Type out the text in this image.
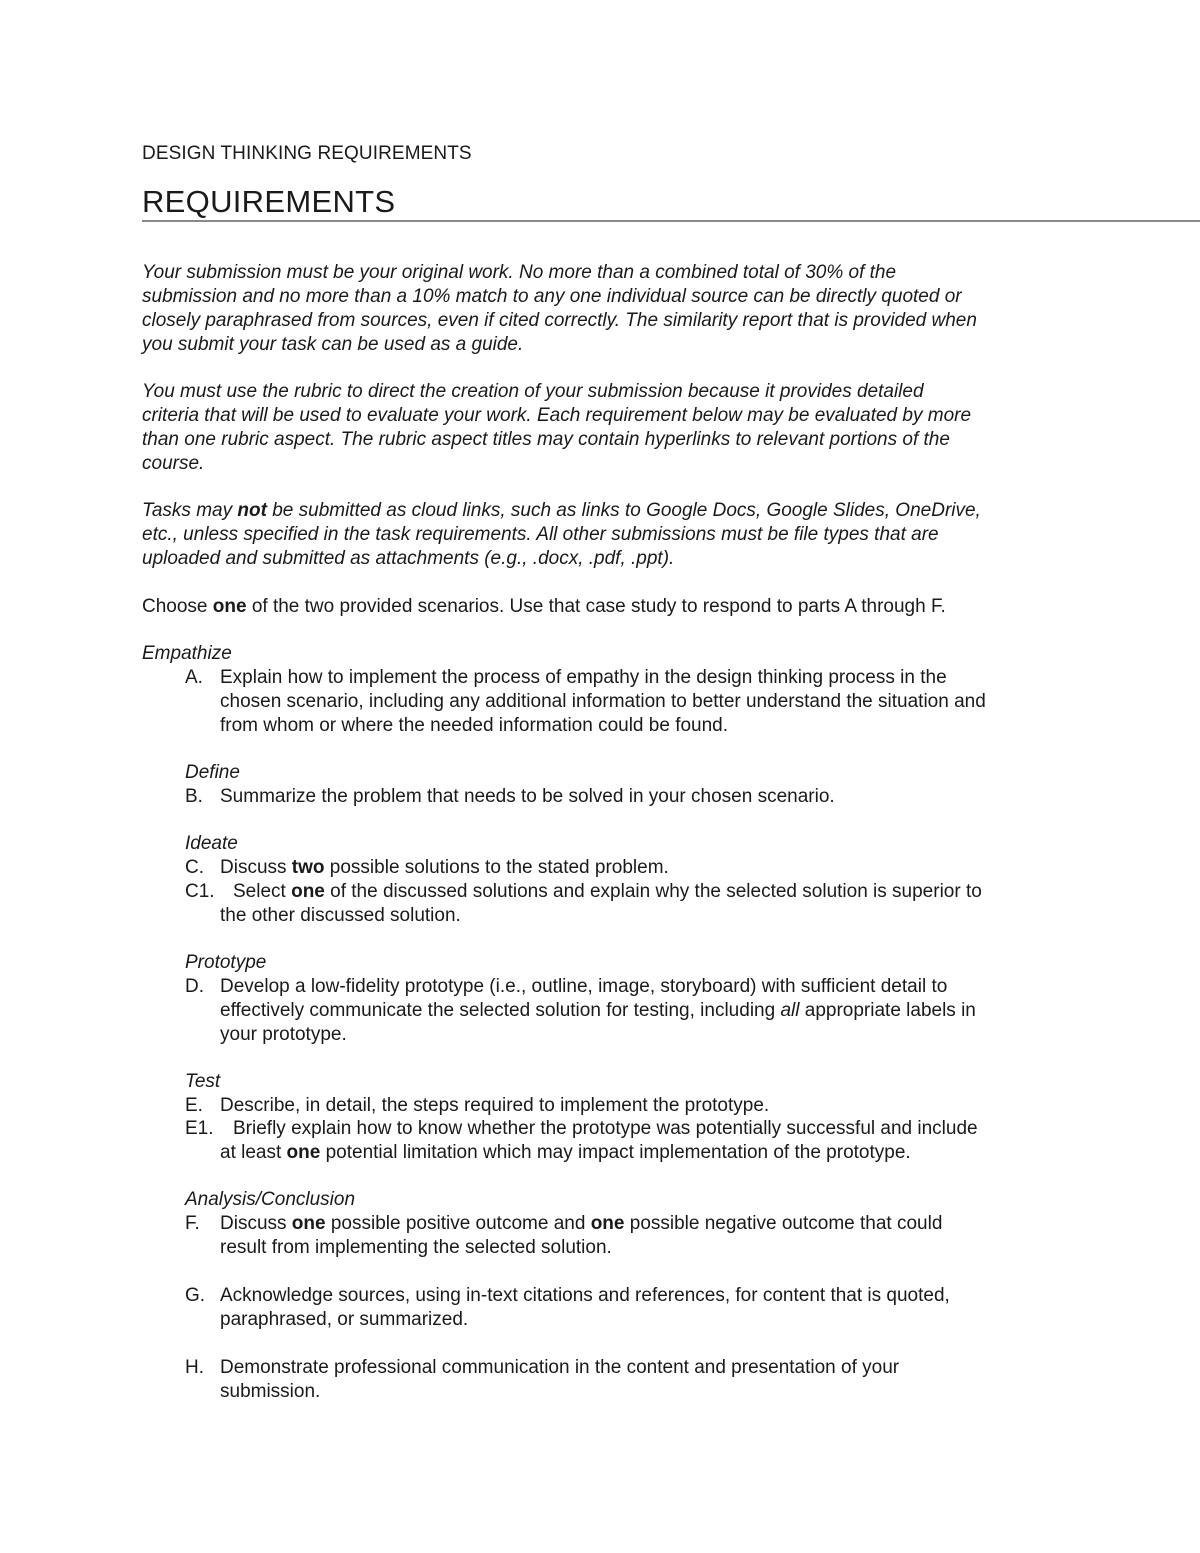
DESIGN THINKING REQUIREMENTS
REQUIREMENTS
Your submission must be your original work. No more than a combined total of 30% of the
submission and no more than a 10% match to any one individual source can be directly quoted or
closely paraphrased from sources, even if cited correctly. The similarity report that is provided when
you submit your task can be used as a guide.
You must use the rubric to direct the creation of your submission because it provides detailed
criteria that will be used to evaluate your work. Each requirement below may be evaluated by more
than one rubric aspect. The rubric aspect titles may contain hyperlinks to relevant portions of the
course.
Tasks may not be submitted as cloud links, such as links to Google Docs, Google Slides, OneDrive,
etc., unless specified in the task requirements. All other submissions must be file types that are
uploaded and submitted as attachments (e.g., .docx, .pdf, .ppt).
Choose one of the two provided scenarios. Use that case study to respond to parts A through F.
Empathize
A. Explain how to implement the process of empathy in the design thinking process in the
chosen scenario, including any additional information to better understand the situation and
from whom or where the needed information could be found.
Define
B. Summarize the problem that needs to be solved in your chosen scenario.
Ideate
C. Discuss two possible solutions to the stated problem.
C1. Select one of the discussed solutions and explain why the selected solution is superior to
the other discussed solution.
Prototype
D. Develop a low-fidelity prototype (i.e., outline, image, storyboard) with sufficient detail to
effectively communicate the selected solution for testing, including all appropriate labels in
your prototype.
Test
E. Describe, in detail, the steps required to implement the prototype.
E1. Briefly explain how to know whether the prototype was potentially successful and include
at least one potential limitation which may impact implementation of the prototype.
Analysis/Conclusion
F. Discuss one possible positive outcome and one possible negative outcome that could
result from implementing the selected solution.
G. Acknowledge sources, using in-text citations and references, for content that is quoted,
paraphrased, or summarized.
H. Demonstrate professional communication in the content and presentation of your
submission.
